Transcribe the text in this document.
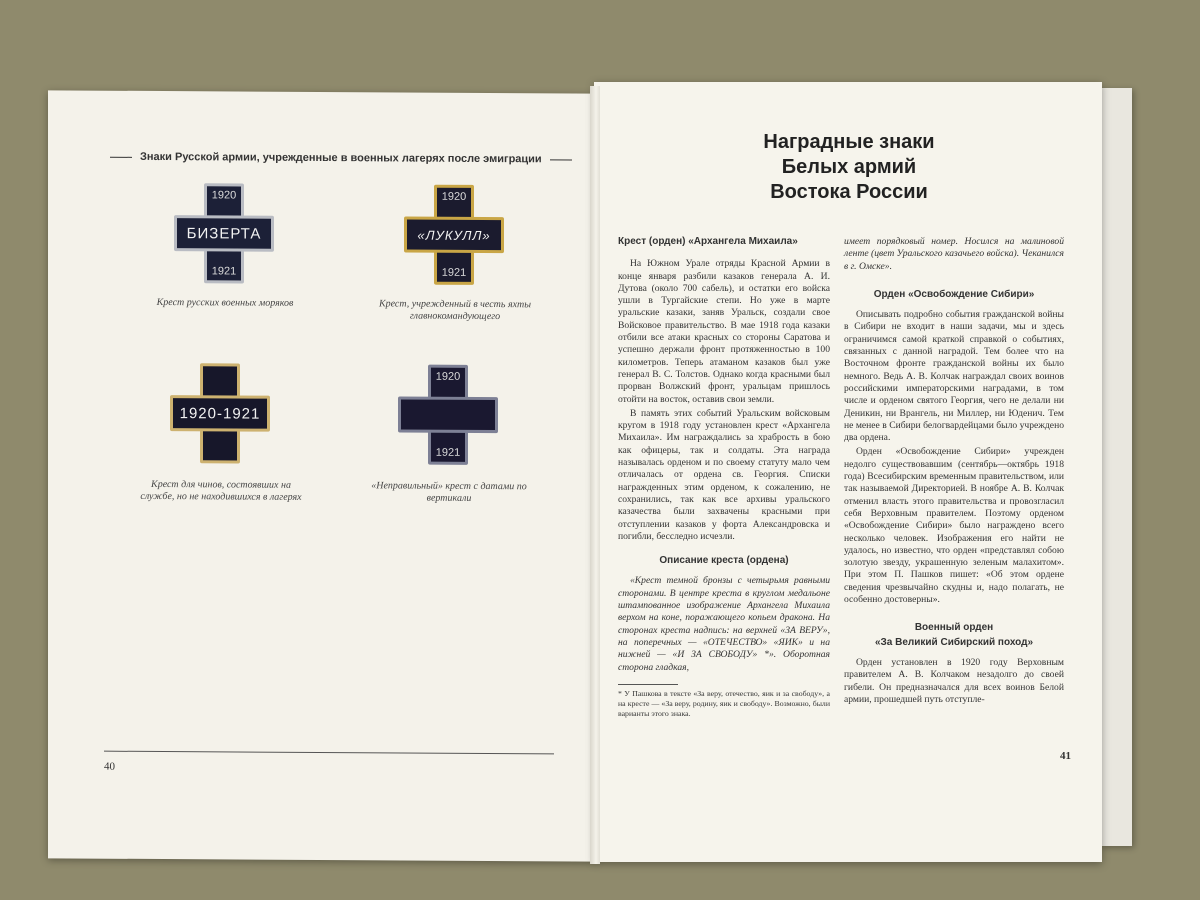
Знаки Русской армии, учрежденные в военных лагерях после эмиграции
1920
БИЗЕРТА
1921
Крест русских военных моряков
1920
«ЛУКУЛЛ»
1921
Крест, учрежденный в честь яхты главнокомандующего
1920-1921
Крест для чинов, состоявших на службе, но не находившихся в лагерях
1920
1921
«Неправильный» крест с датами по вертикали
40
Наградные знаки
Белых армий
Востока России
Крест (орден) «Архангела Михаила»

На Южном Урале отряды Красной Армии в конце января разбили казаков генерала А. И. Дутова (около 700 сабель), и остатки его войска ушли в Тургайские степи. Но уже в марте уральские казаки, заняв Уральск, создали свое Войсковое правительство. В мае 1918 года казаки отбили все атаки красных со стороны Саратова и успешно держали фронт протяженностью в 100 километров. Теперь атаманом казаков был уже генерал В. С. Толстов. Однако когда красными был прорван Волжский фронт, уральцам пришлось отойти на восток, оставив свои земли.

В память этих событий Уральским войсковым кругом в 1918 году установлен крест «Архангела Михаила». Им награждались за храбрость в бою как офицеры, так и солдаты. Эта награда называлась орденом и по своему статуту мало чем отличалась от ордена св. Георгия. Списки награжденных этим орденом, к сожалению, не сохранились, так как все архивы уральского казачества были захвачены красными при отступлении казаков у форта Александровска и погибли, бесследно исчезли.

Описание креста (ордена)

«Крест темной бронзы с четырьмя равными сторонами. В центре креста в круглом медальоне штампованное изображение Архангела Михаила верхом на коне, поражающего копьем дракона. На сторонах креста надпись: на верхней «ЗА ВЕРУ», на поперечных — «ОТЕЧЕСТВО» «ЯИК» и на нижней — «И ЗА СВОБОДУ» *». Оборотная сторона гладкая,

* У Пашкова в тексте «За веру, отечество, яик и за свободу», а на кресте — «За веру, родину, яик и свободу». Возможно, были варианты этого знака.

имеет порядковый номер. Носился на малиновой ленте (цвет Уральского казачьего войска). Чеканился в г. Омске».

Орден «Освобождение Сибири»

Описывать подробно события гражданской войны в Сибири не входит в наши задачи, мы и здесь ограничимся самой краткой справкой о событиях, связанных с данной наградой. Тем более что на Восточном фронте гражданской войны их было немного. Ведь А. В. Колчак награждал своих воинов российскими императорскими наградами, в том числе и орденом святого Георгия, чего не делали ни Деникин, ни Врангель, ни Миллер, ни Юденич. Тем не менее в Сибири белогвардейцами было учреждено два ордена.

Орден «Освобождение Сибири» учрежден недолго существовавшим (сентябрь—октябрь 1918 года) Всесибирским временным правительством, или так называемой Директорией. В ноябре А. В. Колчак отменил власть этого правительства и провозгласил себя Верховным правителем. Поэтому орденом «Освобождение Сибири» было награждено всего несколько человек. Изображения его найти не удалось, но известно, что орден «представлял собою золотую звезду, украшенную зеленым малахитом». При этом П. Пашков пишет: «Об этом ордене сведения чрезвычайно скудны и, надо полагать, не особенно достоверны».

Военный орден
«За Великий Сибирский поход»

Орден установлен в 1920 году Верховным правителем А. В. Колчаком незадолго до своей гибели. Он предназначался для всех воинов Белой армии, прошедшей путь отступле-

41
